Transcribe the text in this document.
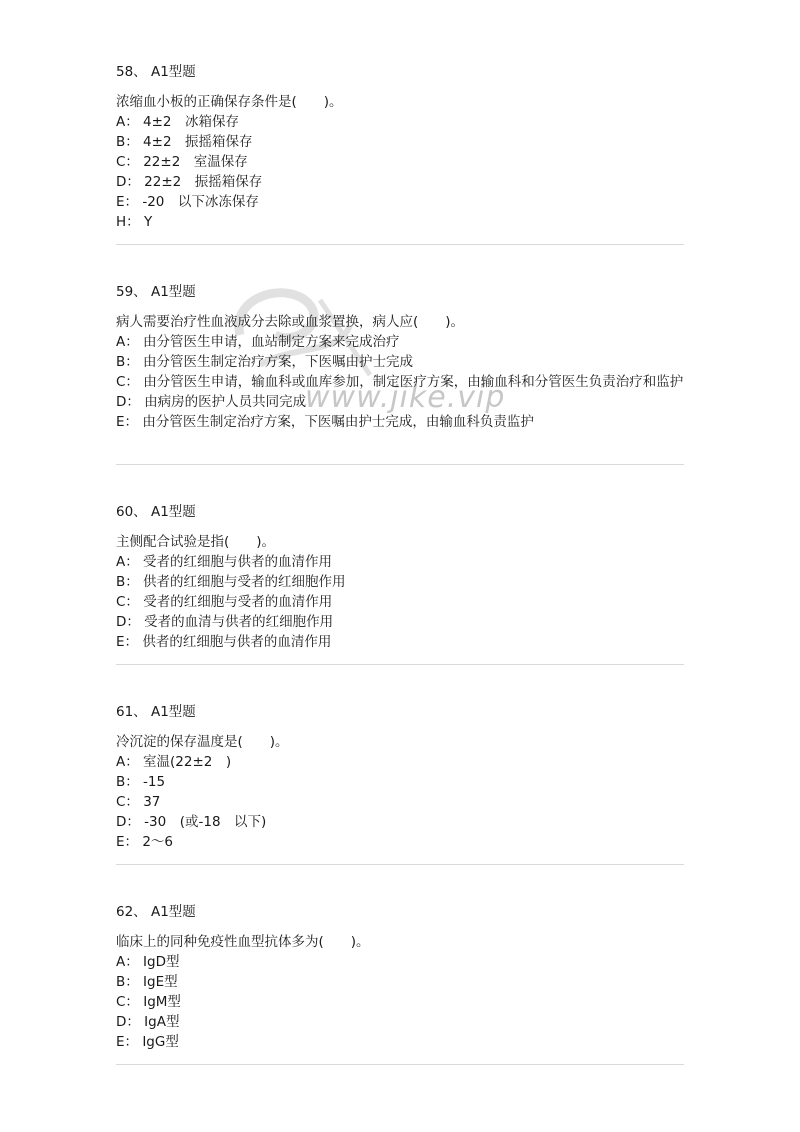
www.jike.vip
58、 A1型题
浓缩血小板的正确保存条件是(　　)。
A： 4±2　冰箱保存
B： 4±2　振摇箱保存
C： 22±2　室温保存
D： 22±2　振摇箱保存
E： -20　以下冰冻保存
H： Y
59、 A1型题
病人需要治疗性血液成分去除或血浆置换，病人应(　　)。
A： 由分管医生申请，血站制定方案来完成治疗
B： 由分管医生制定治疗方案，下医嘱由护士完成
C： 由分管医生申请，输血科或血库参加，制定医疗方案，由输血科和分管医生负责治疗和监护
D： 由病房的医护人员共同完成
E： 由分管医生制定治疗方案，下医嘱由护士完成，由输血科负责监护
60、 A1型题
主侧配合试验是指(　　)。
A： 受者的红细胞与供者的血清作用
B： 供者的红细胞与受者的红细胞作用
C： 受者的红细胞与受者的血清作用
D： 受者的血清与供者的红细胞作用
E： 供者的红细胞与供者的血清作用
61、 A1型题
冷沉淀的保存温度是(　　)。
A： 室温(22±2　)
B： -15
C： 37
D： -30　(或-18　以下)
E： 2～6
62、 A1型题
临床上的同种免疫性血型抗体多为(　　)。
A： IgD型
B： IgE型
C： IgM型
D： IgA型
E： IgG型
